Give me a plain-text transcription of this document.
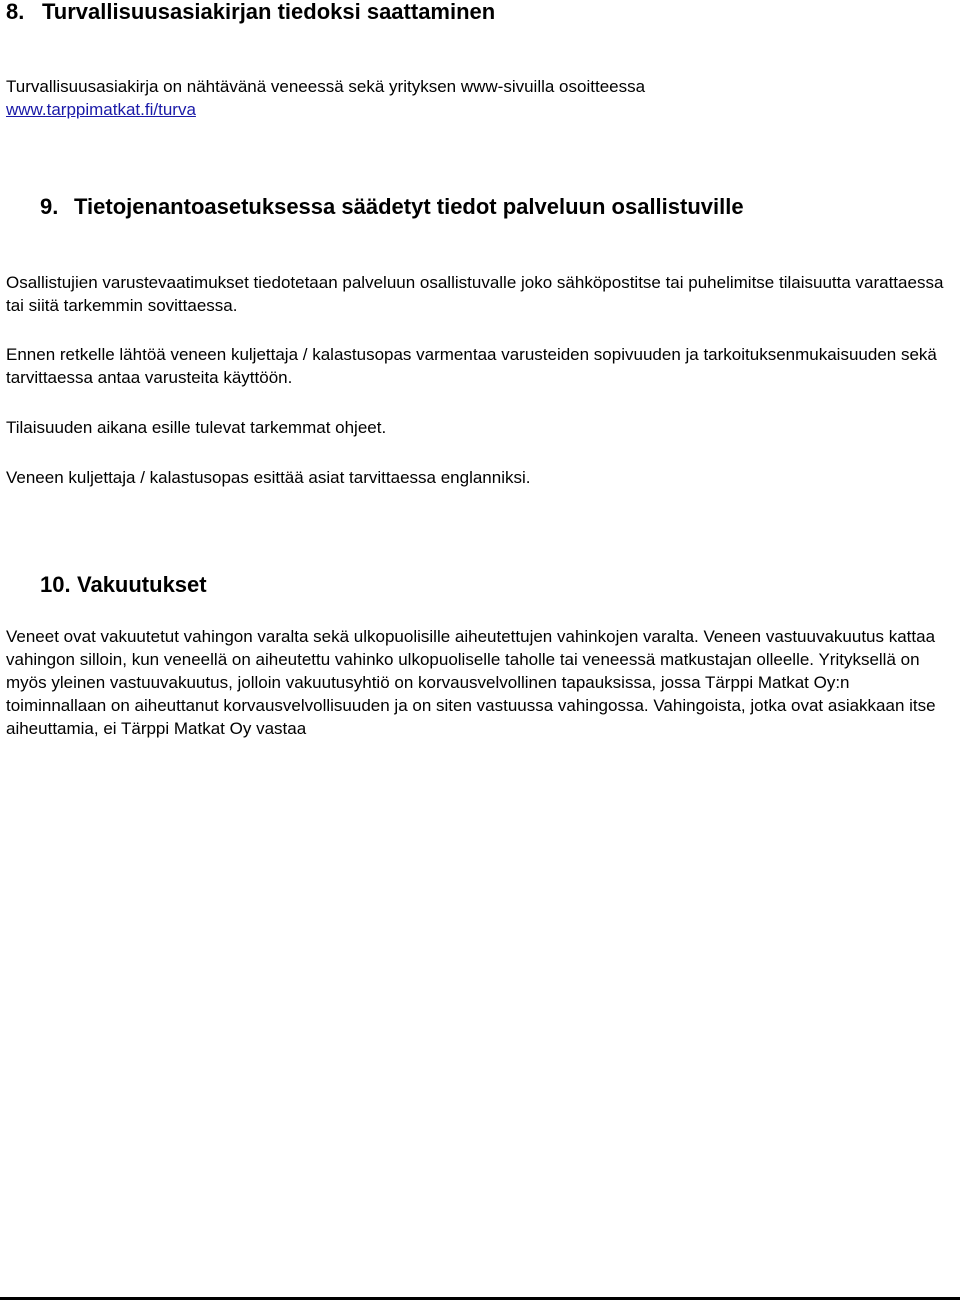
8. Turvallisuusasiakirjan tiedoksi saattaminen

Turvallisuusasiakirja on nähtävänä veneessä sekä yrityksen www-sivuilla osoitteessa
www.tarppimatkat.fi/turva

9. Tietojenantoasetuksessa säädetyt tiedot palveluun osallistuville

Osallistujien varustevaatimukset tiedotetaan palveluun osallistuvalle joko sähköpostitse tai puhelimitse tilaisuutta varattaessa tai siitä tarkemmin sovittaessa.

Ennen retkelle lähtöä veneen kuljettaja / kalastusopas varmentaa varusteiden sopivuuden ja tarkoituksenmukaisuuden sekä tarvittaessa antaa varusteita käyttöön.

Tilaisuuden aikana esille tulevat tarkemmat ohjeet.

Veneen kuljettaja / kalastusopas esittää asiat tarvittaessa englanniksi.

10. Vakuutukset

Veneet ovat vakuutetut vahingon varalta sekä ulkopuolisille aiheutettujen vahinkojen varalta. Veneen vastuuvakuutus kattaa vahingon silloin, kun veneellä on aiheutettu vahinko ulkopuoliselle taholle tai veneessä matkustajan olleelle. Yrityksellä on myös yleinen vastuuvakuutus, jolloin vakuutusyhtiö on korvausvelvollinen tapauksissa, jossa Tärppi Matkat Oy:n toiminnallaan on aiheuttanut korvausvelvollisuuden ja on siten vastuussa vahingossa. Vahingoista, jotka ovat asiakkaan itse aiheuttamia, ei Tärppi Matkat Oy vastaa
